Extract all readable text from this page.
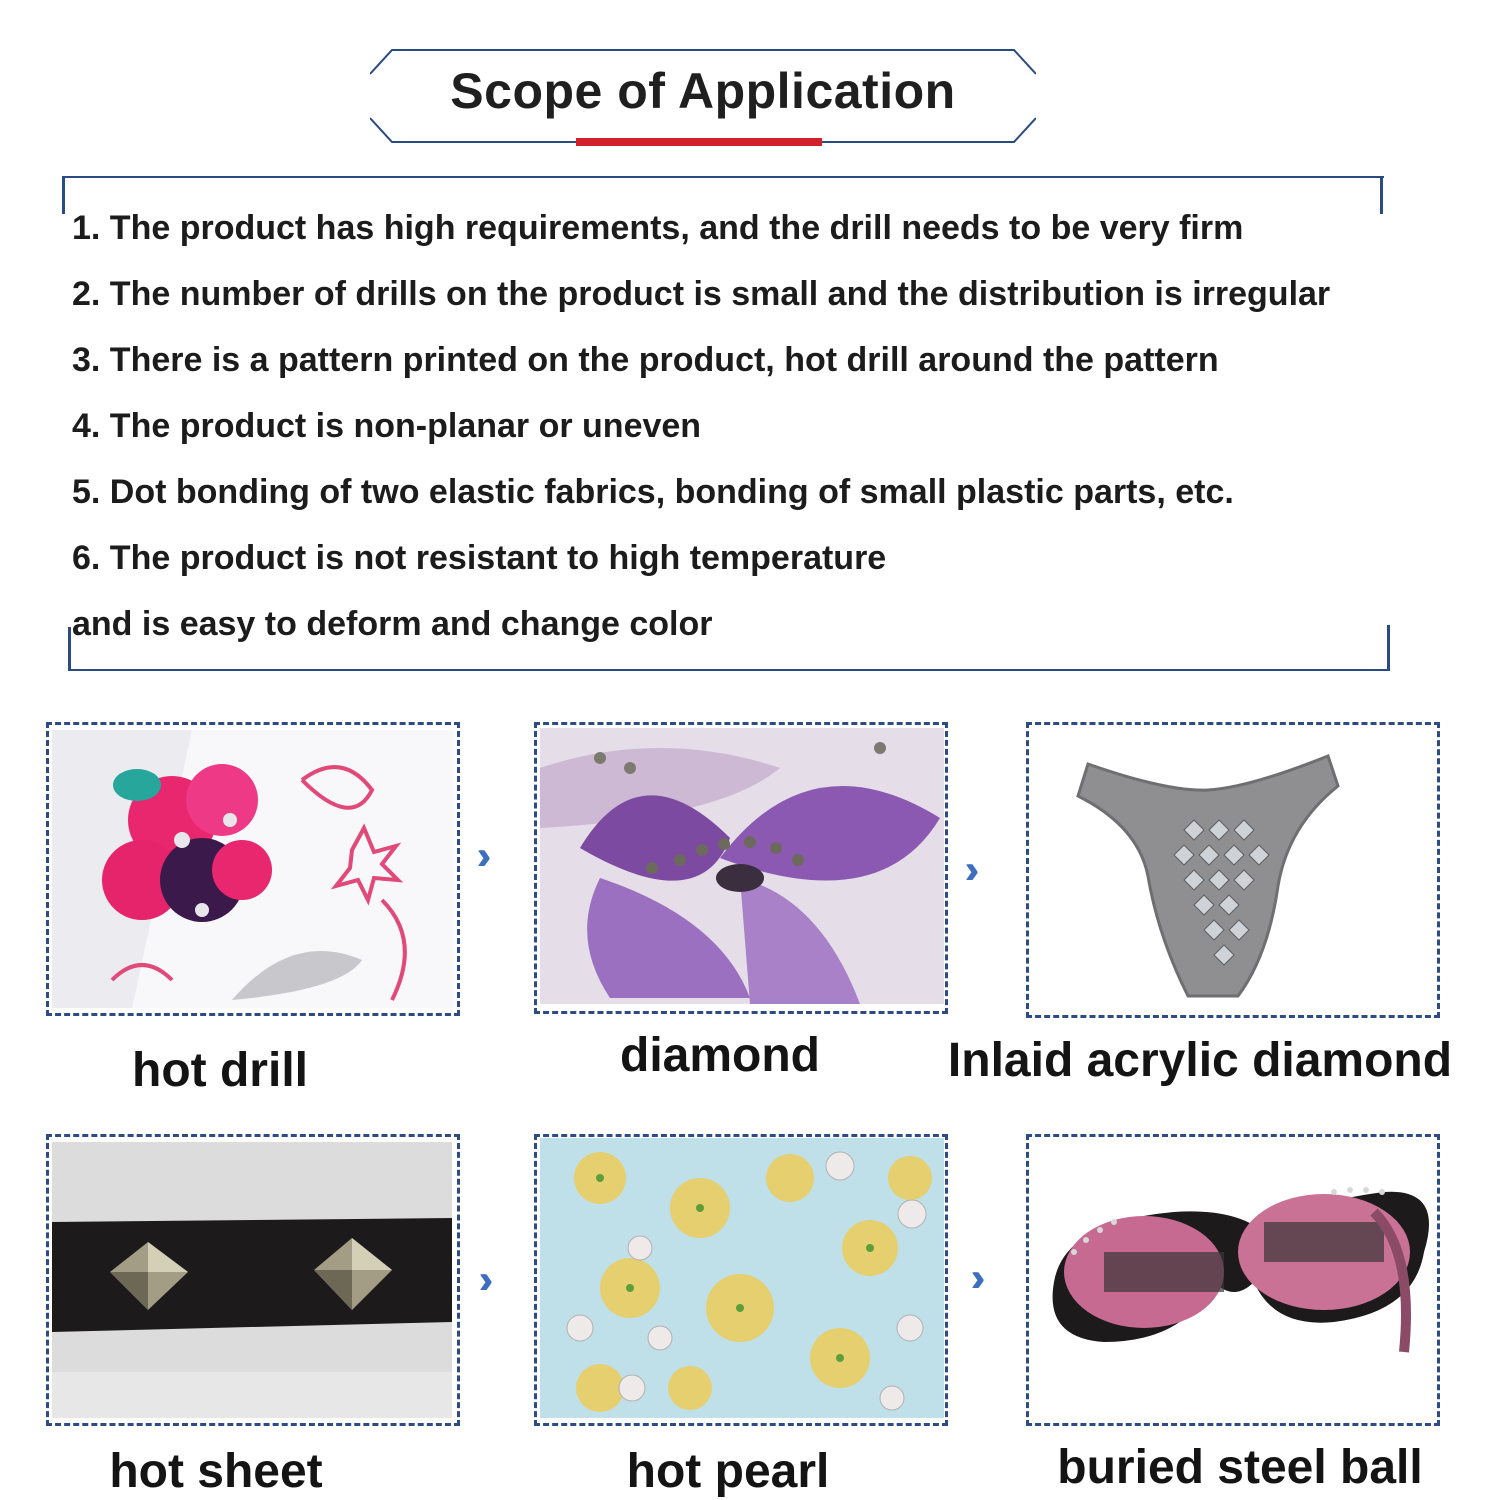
Scope of Application
1. The product has high requirements, and the drill needs to be very firm
2. The number of drills on the product is small and the distribution is irregular
3. There is a pattern printed on the product, hot drill around the pattern
4. The product is non-planar or uneven
5. Dot bonding of two elastic fabrics, bonding of small plastic parts, etc.
6. The product is not resistant to high temperature
and is easy to deform and change color
hot drill	diamond	Inlaid acrylic diamond
hot sheet	hot pearl	buried steel ball
